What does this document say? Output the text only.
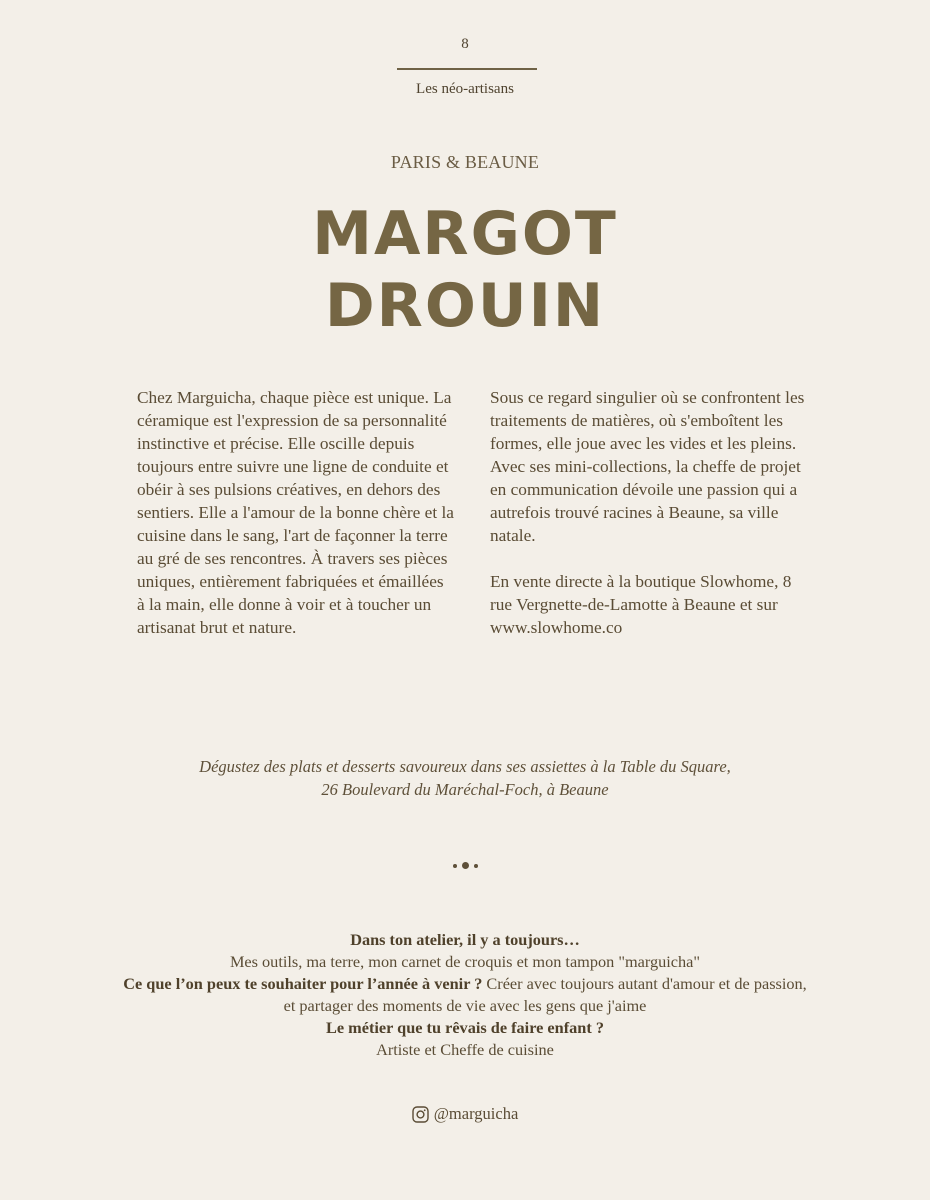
8
Les néo-artisans
PARIS & BEAUNE
MARGOT
DROUIN

Chez Marguicha, chaque pièce est unique. La céramique est l'expression de sa personnalité instinctive et précise. Elle oscille depuis toujours entre suivre une ligne de conduite et obéir à ses pulsions créatives, en dehors des sentiers. Elle a l'amour de la bonne chère et la cuisine dans le sang, l'art de façonner la terre au gré de ses rencontres. À travers ses pièces uniques, entièrement fabriquées et émaillées à la main, elle donne à voir et à toucher un artisanat brut et nature.

Sous ce regard singulier où se confrontent les traitements de matières, où s'emboîtent les formes, elle joue avec les vides et les pleins. Avec ses mini-collections, la cheffe de projet en communication dévoile une passion qui a autrefois trouvé racines à Beaune, sa ville natale.

En vente directe à la boutique Slowhome, 8 rue Vergnette-de-Lamotte à Beaune et sur www.slowhome.co

Dégustez des plats et desserts savoureux dans ses assiettes à la Table du Square,
26 Boulevard du Maréchal-Foch, à Beaune

Dans ton atelier, il y a toujours…

Mes outils, ma terre, mon carnet de croquis et mon tampon "marguicha"

Ce que l’on peux te souhaiter pour l’année à venir ? Créer avec toujours autant d'amour et de passion, et partager des moments de vie avec les gens que j'aime

Le métier que tu rêvais de faire enfant ?

Artiste et Cheffe de cuisine

@marguicha
